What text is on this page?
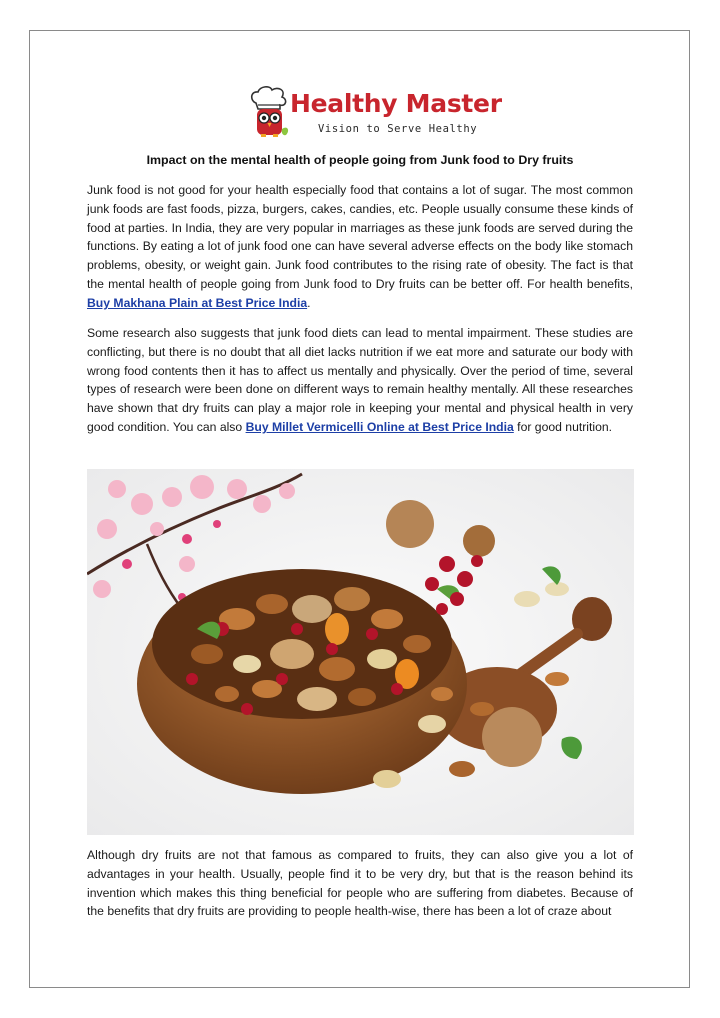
Healthy Master
Vision to Serve Healthy
Impact on the mental health of people going from Junk food to Dry fruits

Junk food is not good for your health especially food that contains a lot of sugar. The most common junk foods are fast foods, pizza, burgers, cakes, candies, etc. People usually consume these kinds of food at parties. In India, they are very popular in marriages as these junk foods are served during the functions. By eating a lot of junk food one can have several adverse effects on the body like stomach problems, obesity, or weight gain. Junk food contributes to the rising rate of obesity. The fact is that the mental health of people going from Junk food to Dry fruits can be better off. For health benefits, Buy Makhana Plain at Best Price India.

Some research also suggests that junk food diets can lead to mental impairment. These studies are conflicting, but there is no doubt that all diet lacks nutrition if we eat more and saturate our body with wrong food contents then it has to affect us mentally and physically. Over the period of time, several types of research were been done on different ways to remain healthy mentally. All these researches have shown that dry fruits can play a major role in keeping your mental and physical health in very good condition. You can also Buy Millet Vermicelli Online at Best Price India for good nutrition.

Although dry fruits are not that famous as compared to fruits, they can also give you a lot of advantages in your health. Usually, people find it to be very dry, but that is the reason behind its invention which makes this thing beneficial for people who are suffering from diabetes. Because of the benefits that dry fruits are providing to people health-wise, there has been a lot of craze about
